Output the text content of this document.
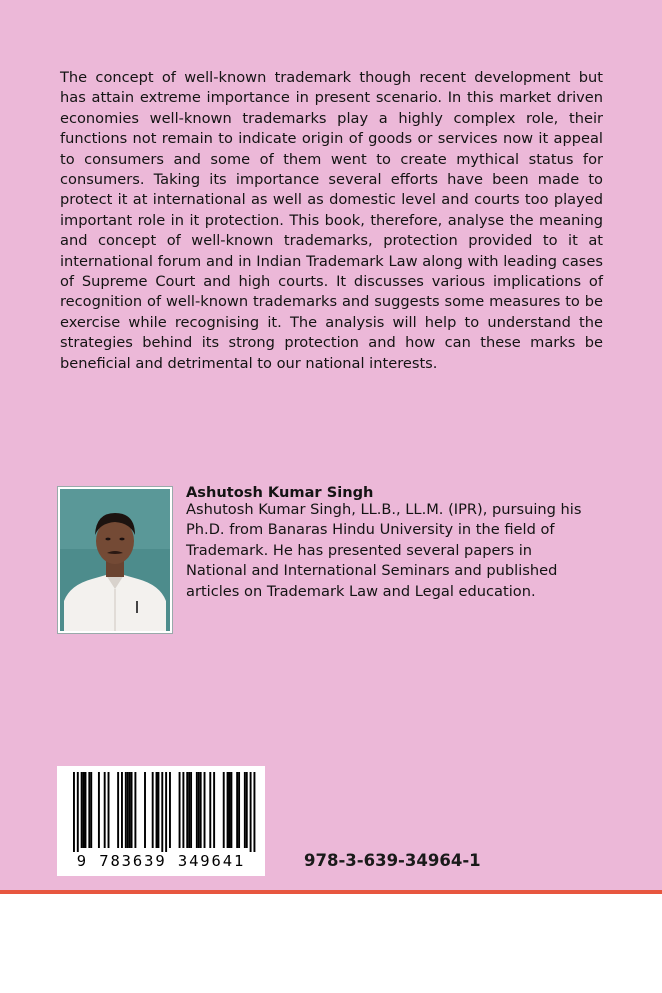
The concept of well-known trademark though recent development but has attain extreme importance in present scenario. In this market driven economies well-known trademarks play a highly complex role, their functions not remain to indicate origin of goods or services now it appeal to consumers and some of them went to create mythical status for consumers. Taking its importance several efforts have been made to protect it at international as well as domestic level and courts too played important role in it protection. This book, therefore, analyse the meaning and concept of well-known trademarks, protection provided to it at international forum and in Indian Trademark Law along with leading cases of Supreme Court and high courts. It discusses various implications of recognition of well-known trademarks and suggests some measures to be exercise while recognising it. The analysis will help to understand the strategies behind its strong protection and how can these marks be beneficial and detrimental to our national interests.

Ashutosh Kumar Singh

Ashutosh Kumar Singh, LL.B., LL.M. (IPR), pursuing his Ph.D. from Banaras Hindu University in the field of Trademark. He has presented several papers in National and International Seminars and published articles on Trademark Law and Legal education.

9 783639 349641	978-3-639-34964-1
